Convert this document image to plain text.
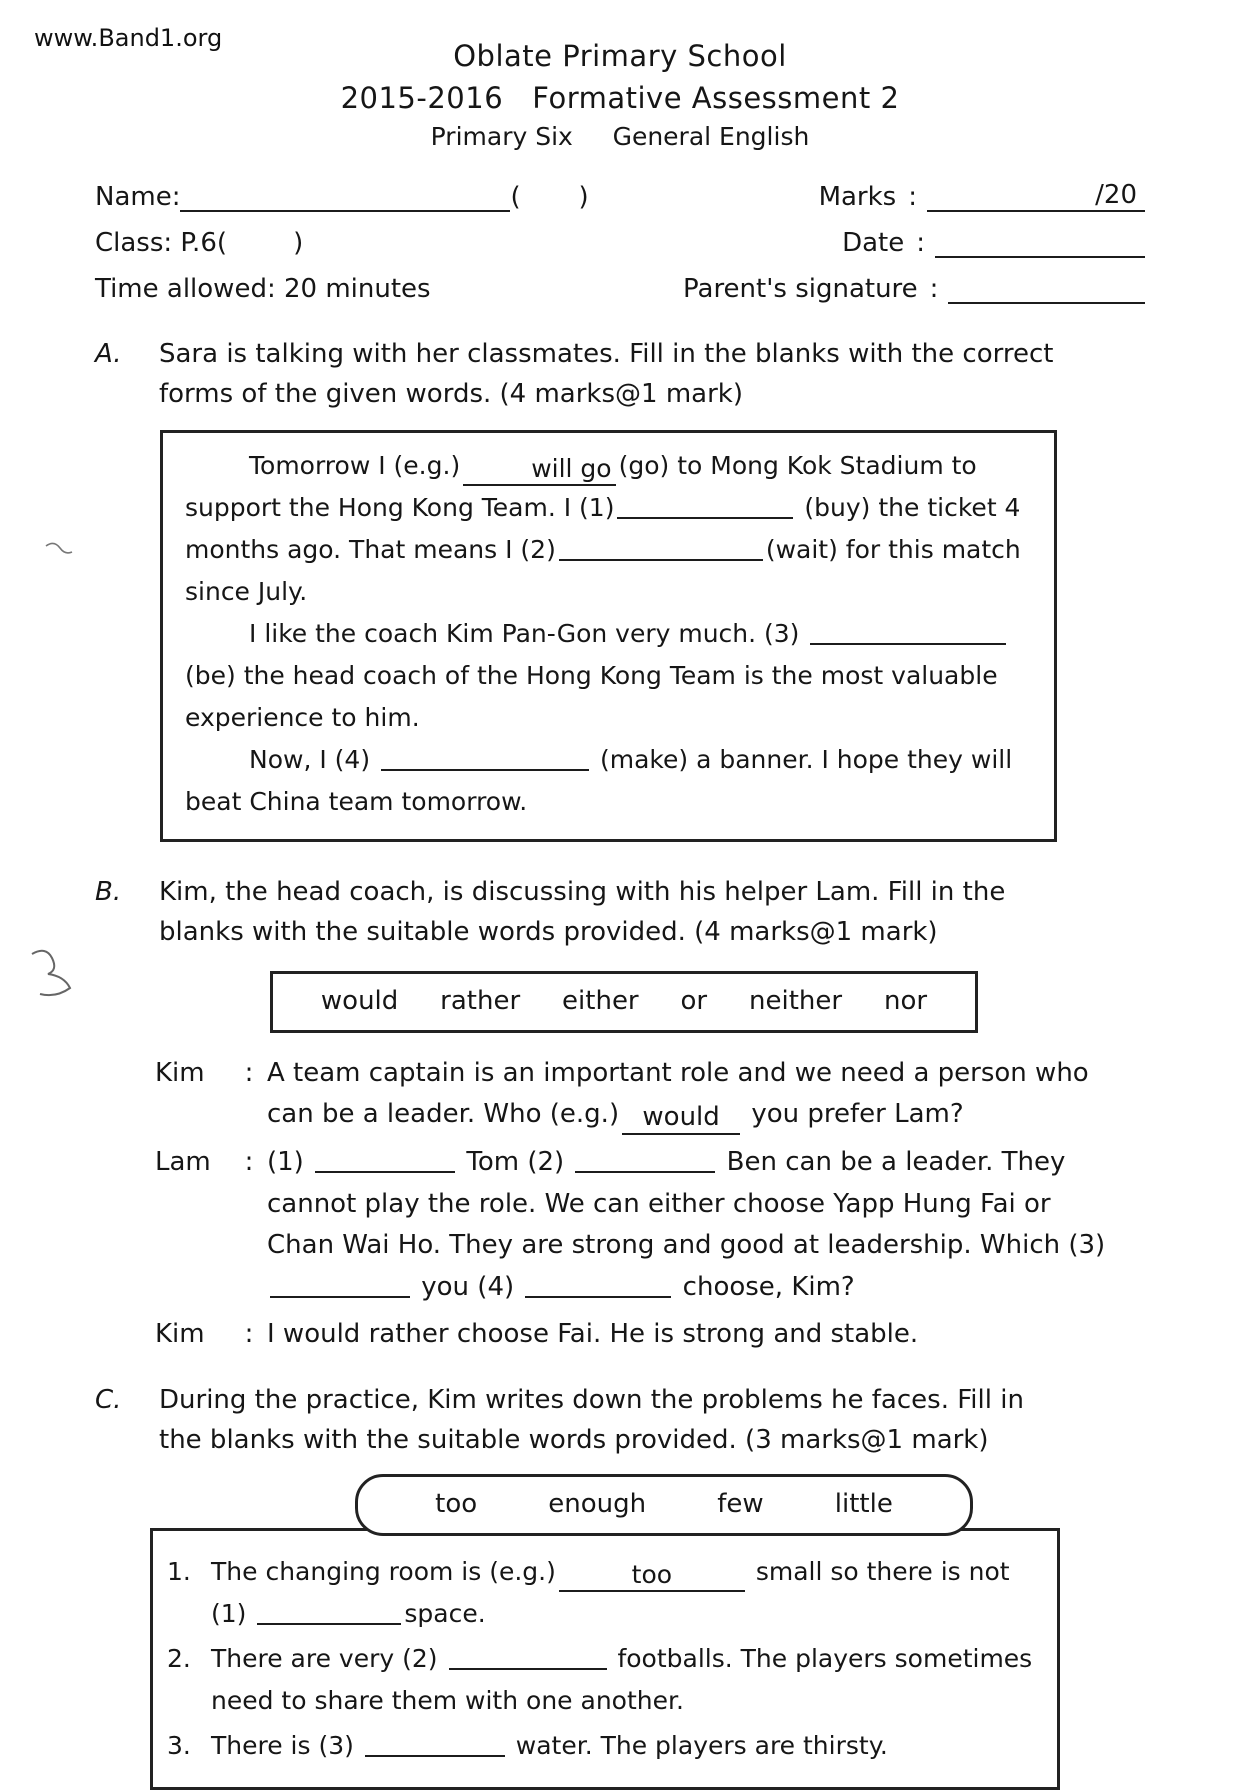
www.Band1.org
Oblate Primary School
2015-2016   Formative Assessment 2
Primary Six     General English
Name:	(       )	Marks :	/20
Class: P.6(        )	Date :
Time allowed: 20 minutes	Parent's signature :
A.	Sara is talking with her classmates. Fill in the blanks with the correct forms of the given words. (4 marks@1 mark)

Tomorrow I (e.g.)	will go (go) to Mong Kok Stadium to support the Hong Kong Team. I (1)	(buy) the ticket 4 months ago. That means I (2)	(wait) for this match since July.

I like the coach Kim Pan-Gon very much. (3)  (be) the head coach of the Hong Kong Team is the most valuable experience to him.

Now, I (4)	(make) a banner. I hope they will beat China team tomorrow.

B.	Kim, the head coach, is discussing with his helper Lam. Fill in the blanks with the suitable words provided. (4 marks@1 mark)
would rather either or neither nor
Kim	: A team captain is an important role and we need a person who can be a leader. Who (e.g.) would you prefer Lam?
Lam	: (1)	Tom (2)	Ben can be a leader. They cannot play the role. We can either choose Yapp Hung Fai or Chan Wai Ho. They are strong and good at leadership. Which (3)  you (4)	choose, Kim?
Kim	: I would rather choose Fai. He is strong and stable.
C.	During the practice, Kim writes down the problems he faces. Fill in the blanks with the suitable words provided. (3 marks@1 mark)
too	enough	few	little
1. The changing room is (e.g.)	too	small so there is not (1)	space.
2. There are very (2)	footballs. The players sometimes need to share them with one another.
3. There is (3)	water. The players are thirsty.
